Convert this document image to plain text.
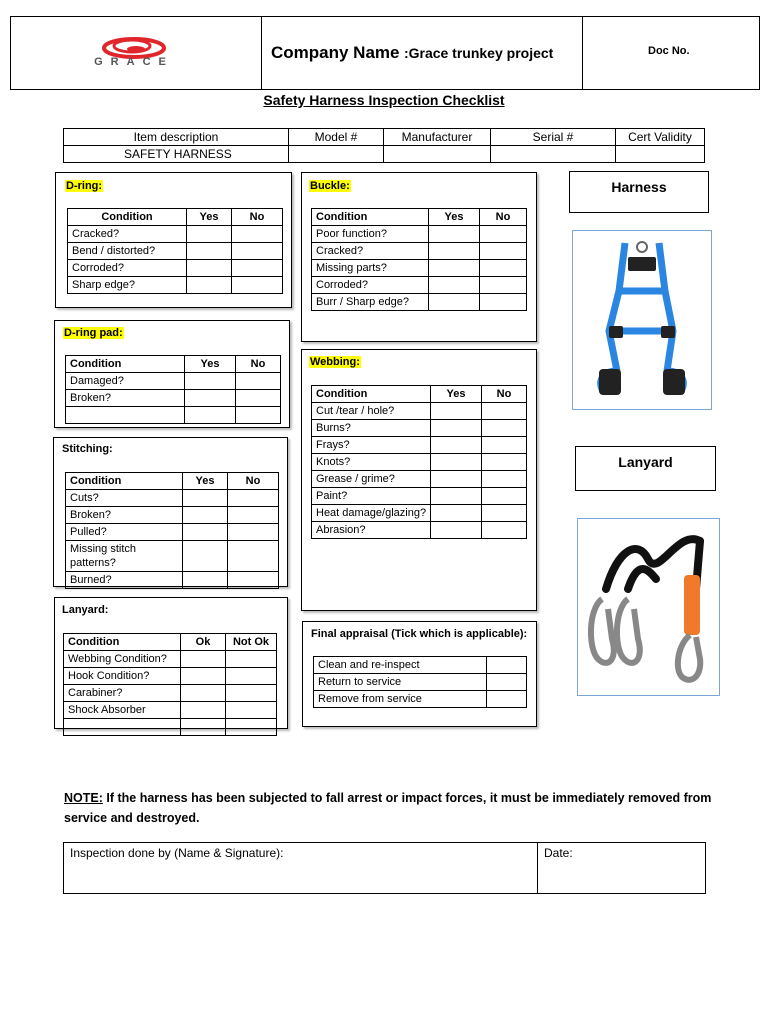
GRACE	Company Name :Grace trunkey project	Doc No.
Safety Harness Inspection Checklist
Item description	Model #	Manufacturer	Serial #	Cert Validity
SAFETY HARNESS				
D-ring:
Condition	Yes	No
Cracked?		
Bend / distorted?		
Corroded?		
Sharp edge?		
Buckle:
Condition	Yes	No
Poor function?		
Cracked?		
Missing parts?		
Corroded?		
Burr / Sharp edge?		
D-ring pad:
Condition	Yes	No
Damaged?		
Broken?		

Webbing:
Condition	Yes	No
Cut /tear / hole?		
Burns?		
Frays?		
Knots?		
Grease / grime?		
Paint?		
Heat damage/glazing?		
Abrasion?		
Stitching:
Condition	Yes	No
Cuts?		
Broken?		
Pulled?		
Missing stitch patterns?		
Burned?		
Lanyard:
Condition	Ok	Not Ok
Webbing Condition?		
Hook Condition?		
Carabiner?		
Shock Absorber		

Final appraisal (Tick which is applicable):
Clean and re-inspect	
Return to service	
Remove from service	
Harness
Lanyard
NOTE: If the harness has been subjected to fall arrest or impact forces, it must be immediately removed from service and destroyed.
Inspection done by (Name & Signature):	Date:
